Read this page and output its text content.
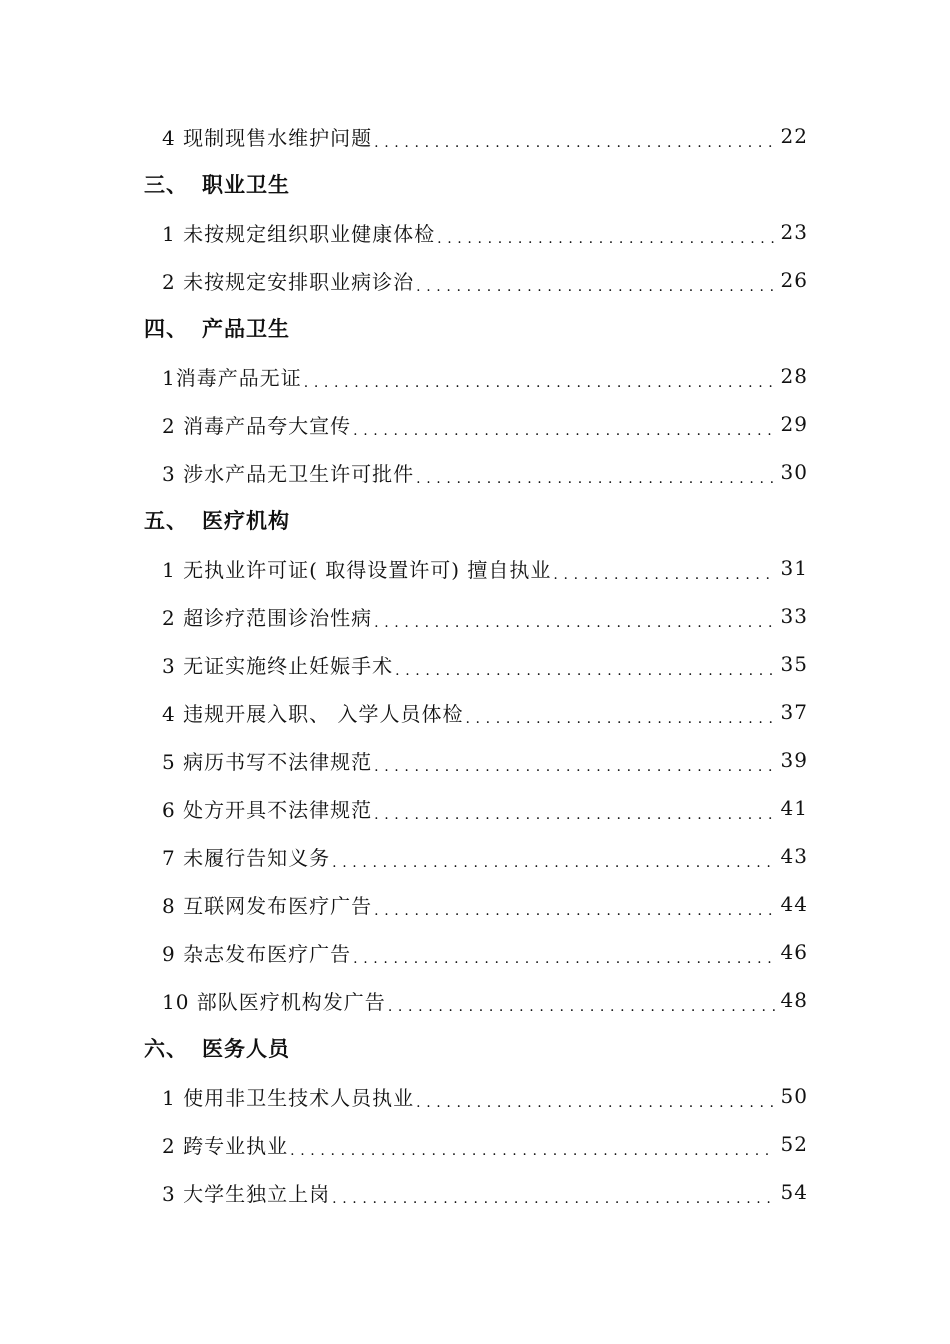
4 现制现售水维护问题 . . .	22
三、 职业卫生
1 未按规定组织职业健康体检 . . .	23
2 未按规定安排职业病诊治 . . .	26
四、 产品卫生
1消毒产品无证 . . .	28
2 消毒产品夸大宣传 . . .	29
3 涉水产品无卫生许可批件 . . .	30
五、 医疗机构
1 无执业许可证( 取得设置许可) 擅自执业 . . .	31
2 超诊疗范围诊治性病 . . .	33
3 无证实施终止妊娠手术 . . .	35
4 违规开展入职、 入学人员体检 . . .	37
5 病历书写不法律规范 . . .	39
6 处方开具不法律规范 . . .	41
7 未履行告知义务 . . .	43
8 互联网发布医疗广告 . . .	44
9 杂志发布医疗广告 . . .	46
10 部队医疗机构发广告 . . .	48
六、 医务人员
1 使用非卫生技术人员执业 . . .	50
2 跨专业执业 . . .	52
3 大学生独立上岗 . . .	54
